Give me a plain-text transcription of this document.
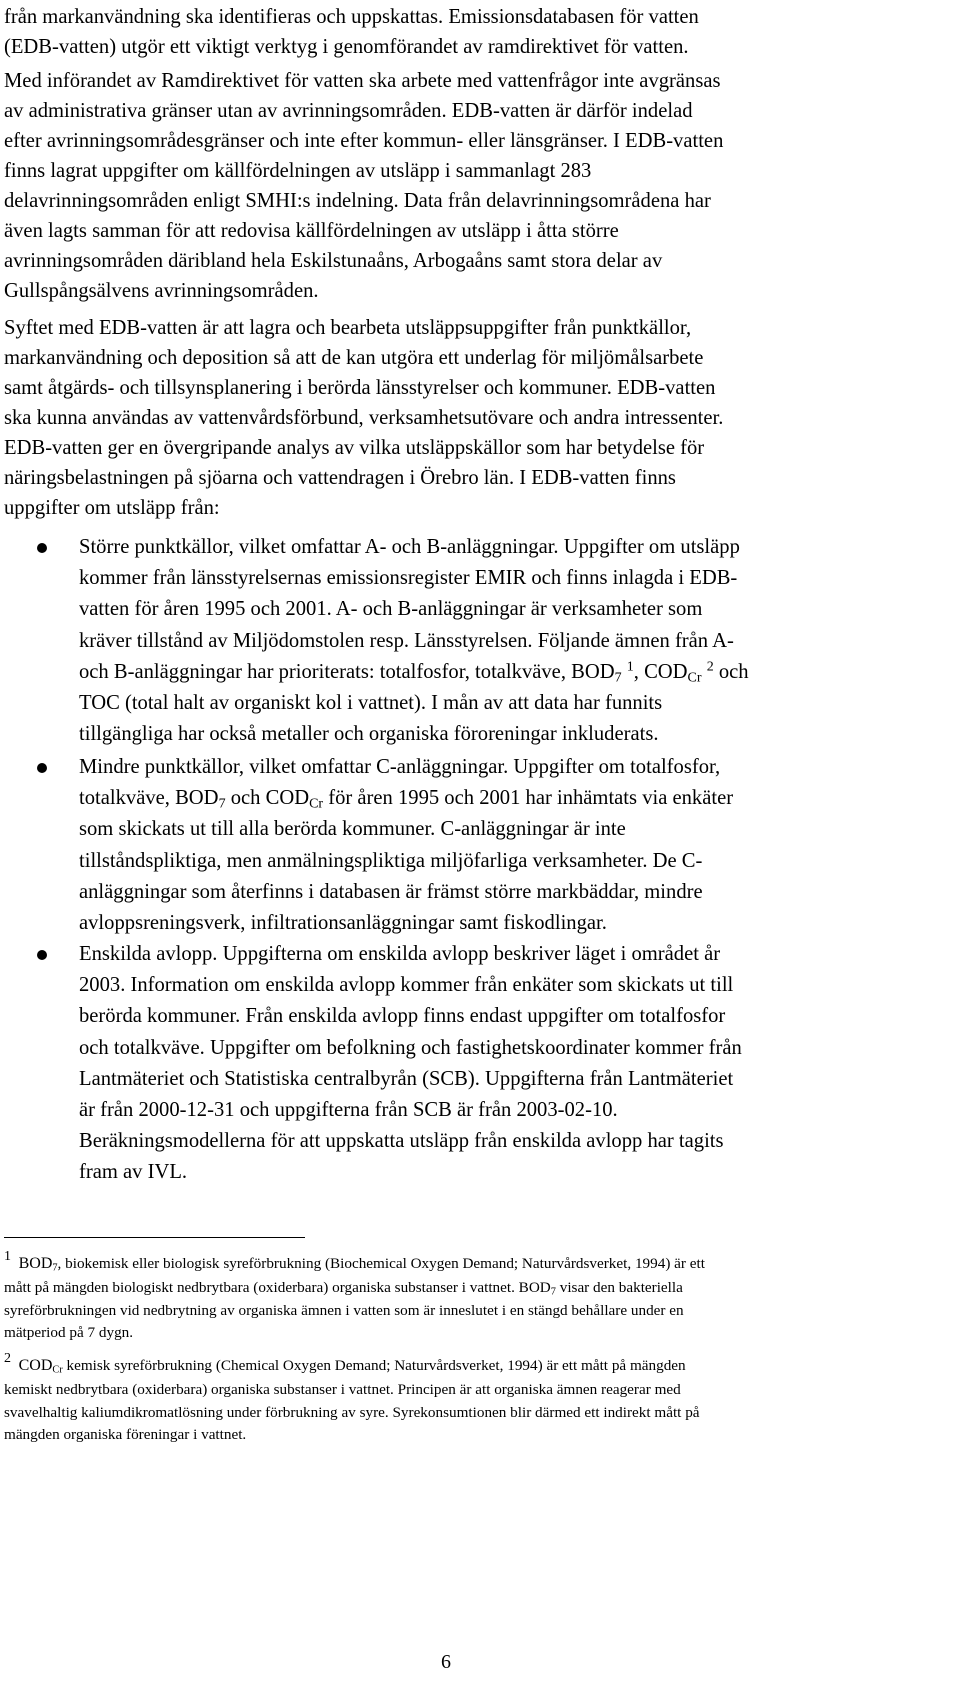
från markanvändning ska identifieras och uppskattas. Emissionsdatabasen för vatten
(EDB-vatten) utgör ett viktigt verktyg i genomförandet av ramdirektivet för vatten.
Med införandet av Ramdirektivet för vatten ska arbete med vattenfrågor inte avgränsas
av administrativa gränser utan av avrinningsområden. EDB-vatten är därför indelad
efter avrinningsområdesgränser och inte efter kommun- eller länsgränser. I EDB-vatten
finns lagrat uppgifter om källfördelningen av utsläpp i sammanlagt 283
delavrinningsområden enligt SMHI:s indelning. Data från delavrinningsområdena har
även lagts samman för att redovisa källfördelningen av utsläpp i åtta större
avrinningsområden däribland hela Eskilstunaåns, Arbogaåns samt stora delar av
Gullspångsälvens avrinningsområden.
Syftet med EDB-vatten är att lagra och bearbeta utsläppsuppgifter från punktkällor,
markanvändning och deposition så att de kan utgöra ett underlag för miljömålsarbete
samt åtgärds- och tillsynsplanering i berörda länsstyrelser och kommuner. EDB-vatten
ska kunna användas av vattenvårdsförbund, verksamhetsutövare och andra intressenter.
EDB-vatten ger en övergripande analys av vilka utsläppskällor som har betydelse för
näringsbelastningen på sjöarna och vattendragen i Örebro län. I EDB-vatten finns
uppgifter om utsläpp från:
Större punktkällor, vilket omfattar A- och B-anläggningar. Uppgifter om utsläpp
kommer från länsstyrelsernas emissionsregister EMIR och finns inlagda i EDB-
vatten för åren 1995 och 2001. A- och B-anläggningar är verksamheter som
kräver tillstånd av Miljödomstolen resp. Länsstyrelsen. Följande ämnen från A-
och B-anläggningar har prioriterats: totalfosfor, totalkväve, $BOD_7$ $^1$, $COD_{Cr}$ $^2$ och
TOC (total halt av organiskt kol i vattnet). I mån av att data har funnits
tillgängliga har också metaller och organiska föroreningar inkluderats.
Mindre punktkällor, vilket omfattar C-anläggningar. Uppgifter om totalfosfor,
totalkväve, $BOD_7$ och $COD_{Cr}$ för åren 1995 och 2001 har inhämtats via enkäter
som skickats ut till alla berörda kommuner. C-anläggningar är inte
tillståndspliktiga, men anmälningspliktiga miljöfarliga verksamheter. De C-
anläggningar som återfinns i databasen är främst större markbäddar, mindre
avloppsreningsverk, infiltrationsanläggningar samt fiskodlingar.
Enskilda avlopp. Uppgifterna om enskilda avlopp beskriver läget i området år
2003. Information om enskilda avlopp kommer från enkäter som skickats ut till
berörda kommuner. Från enskilda avlopp finns endast uppgifter om totalfosfor
och totalkväve. Uppgifter om befolkning och fastighetskoordinater kommer från
Lantmäteriet och Statistiska centralbyrån (SCB). Uppgifterna från Lantmäteriet
är från 2000-12-31 och uppgifterna från SCB är från 2003-02-10.
Beräkningsmodellerna för att uppskatta utsläpp från enskilda avlopp har tagits
fram av IVL.
1 $BOD_7$, biokemisk eller biologisk syreförbrukning (Biochemical Oxygen Demand; Naturvårdsverket, 1994) är ett
mått på mängden biologiskt nedbrytbara (oxiderbara) organiska substanser i vattnet. $BOD_7$ visar den bakteriella
syreförbrukningen vid nedbrytning av organiska ämnen i vatten som är inneslutet i en stängd behållare under en
mätperiod på 7 dygn.
2 $COD_{Cr}$ kemisk syreförbrukning (Chemical Oxygen Demand; Naturvårdsverket, 1994) är ett mått på mängden
kemiskt nedbrytbara (oxiderbara) organiska substanser i vattnet. Principen är att organiska ämnen reagerar med
svavelhaltig kaliumdikromatlösning under förbrukning av syre. Syrekonsumtionen blir därmed ett indirekt mått på
mängden organiska föreningar i vattnet.
6
